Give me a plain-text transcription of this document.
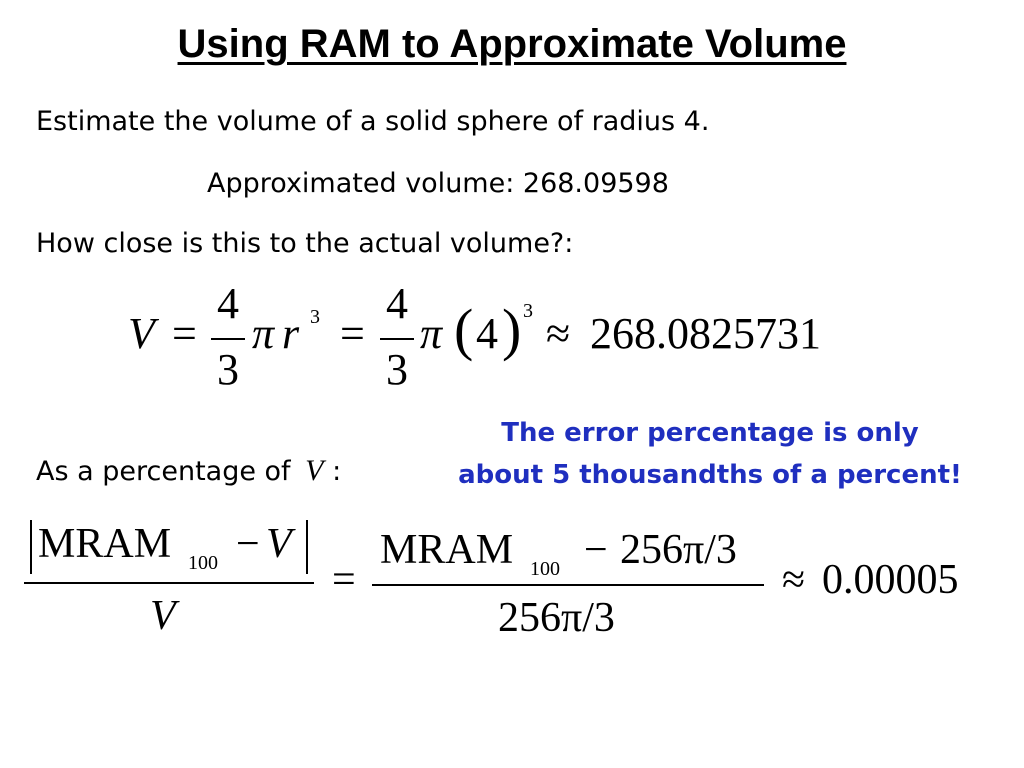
Using RAM to Approximate Volume
Estimate the volume of a solid sphere of radius 4.
Approximated volume: 268.09598
How close is this to the actual volume?:
V =
4
3
π r 3 =
4
3
π ( 4 ) 3 ≈ 268.0825731
The error percentage is only
about 5 thousandths of a percent!
As a percentage of V :
MRAM 100 − V
V
=
MRAM 100 − 256π/3
256π/3
≈ 0.00005
